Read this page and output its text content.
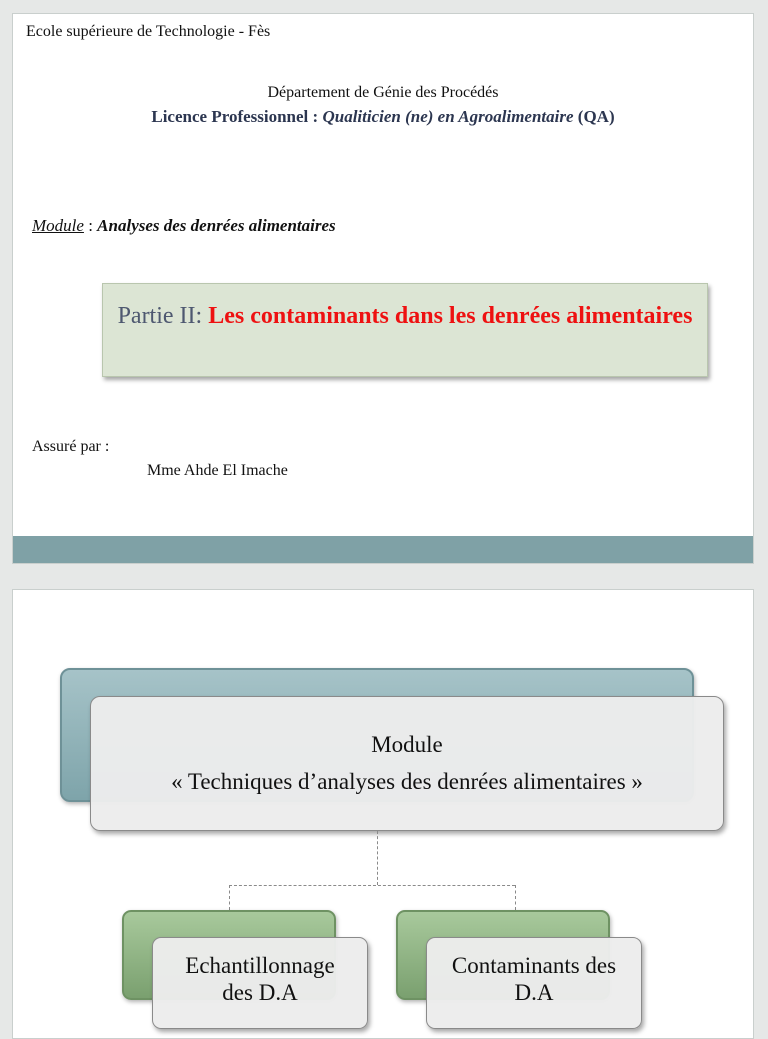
Ecole supérieure de Technologie - Fès
Département de Génie des Procédés
Licence Professionnel : Qualiticien (ne) en Agroalimentaire (QA)
Module : Analyses des denrées alimentaires
Partie II: Les contaminants dans les denrées alimentaires
Assuré par :
Mme Ahde El Imache
Module
« Techniques d’analyses des denrées alimentaires »
Echantillonnage
des D.A
Contaminants des
D.A
